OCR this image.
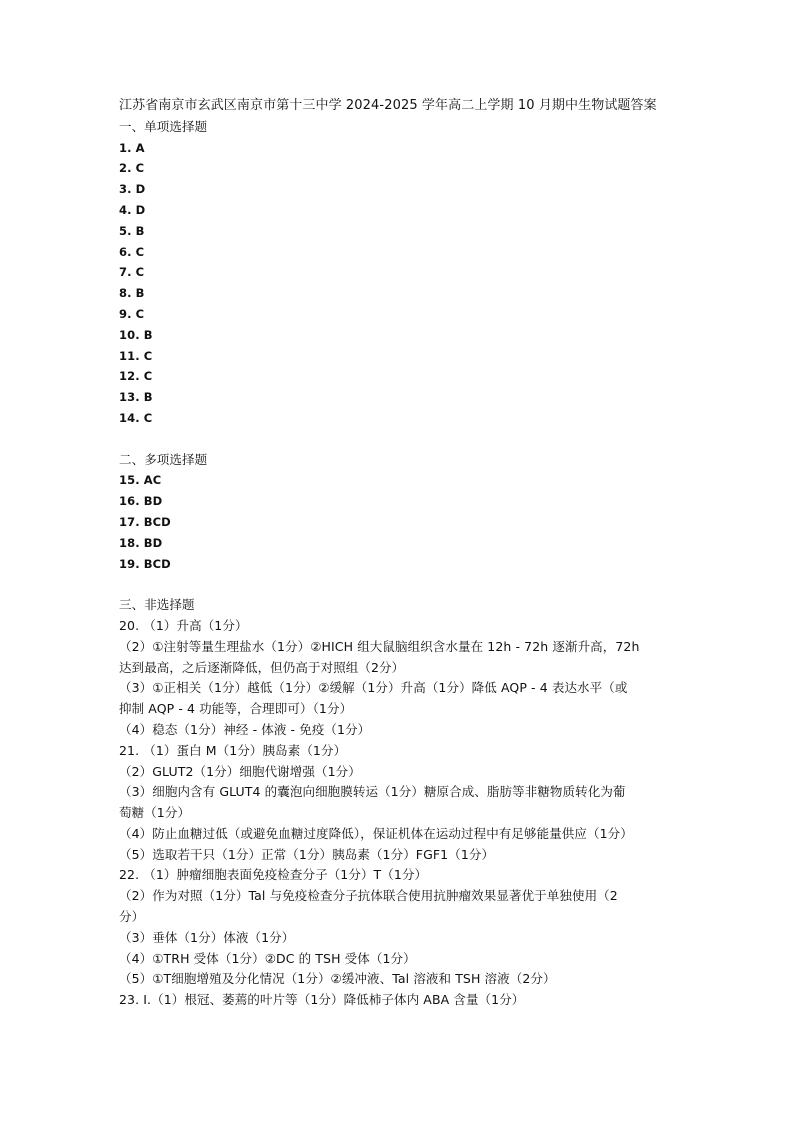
江苏省南京市玄武区南京市第十三中学 2024-2025 学年高二上学期 10 月期中生物试题答案
一、单项选择题
1. A
2. C
3. D
4. D
5. B
6. C
7. C
8. B
9. C
10. B
11. C
12. C
13. B
14. C
二、多项选择题
15. AC
16. BD
17. BCD
18. BD
19. BCD
三、非选择题
20. （1）升高（1分）
（2）①注射等量生理盐水（1分）②HICH 组大鼠脑组织含水量在 12h - 72h 逐渐升高，72h
达到最高，之后逐渐降低，但仍高于对照组（2分）
（3）①正相关（1分）越低（1分）②缓解（1分）升高（1分）降低 AQP - 4 表达水平（或
抑制 AQP - 4 功能等，合理即可）（1分）
（4）稳态（1分）神经 - 体液 - 免疫（1分）
21. （1）蛋白 M（1分）胰岛素（1分）
（2）GLUT2（1分）细胞代谢增强（1分）
（3）细胞内含有 GLUT4 的囊泡向细胞膜转运（1分）糖原合成、脂肪等非糖物质转化为葡
萄糖（1分）
（4）防止血糖过低（或避免血糖过度降低），保证机体在运动过程中有足够能量供应（1分）
（5）选取若干只（1分）正常（1分）胰岛素（1分）FGF1（1分）
22. （1）肿瘤细胞表面免疫检查分子（1分）T（1分）
（2）作为对照（1分）Tal 与免疫检查分子抗体联合使用抗肿瘤效果显著优于单独使用（2
分）
（3）垂体（1分）体液（1分）
（4）①TRH 受体（1分）②DC 的 TSH 受体（1分）
（5）①T细胞增殖及分化情况（1分）②缓冲液、Tal 溶液和 TSH 溶液（2分）
23. Ⅰ.（1）根冠、萎蔫的叶片等（1分）降低柿子体内 ABA 含量（1分）
